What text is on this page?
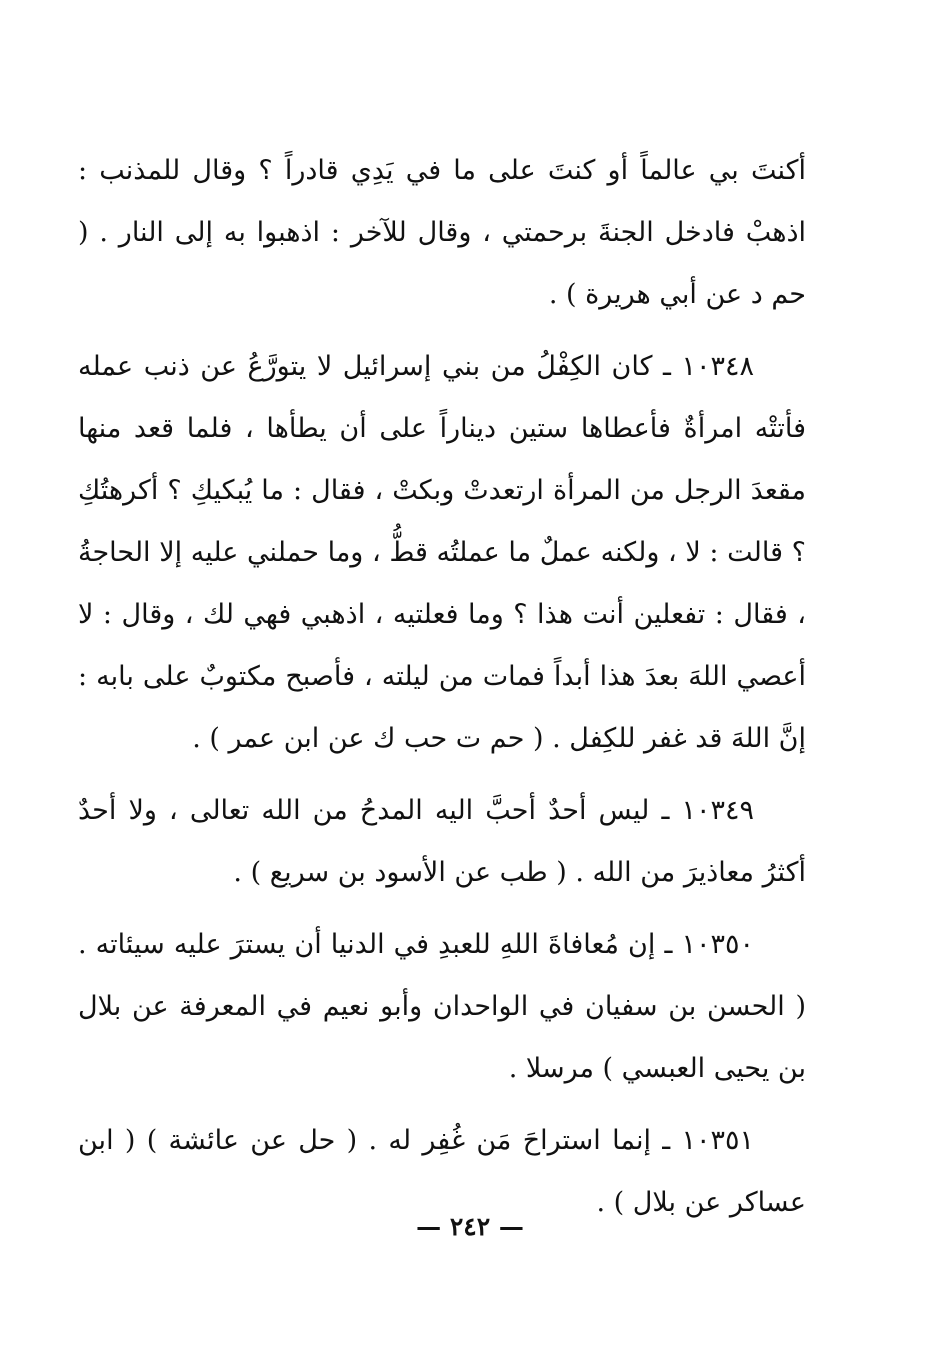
أكنتَ بي عالماً أو كنتَ على ما في يَدِي قادراً ؟ وقال للمذنب : اذهبْ فادخل الجنةَ برحمتي ، وقال للآخر : اذهبوا به إلى النار . ( حم د عن أبي هريرة ) .

١٠٣٤٨ ـ كان الكِفْلُ من بني إسرائيل لا يتورَّعُ عن ذنب عمله فأتتْه امرأةٌ فأعطاها ستين ديناراً على أن يطأها ، فلما قعد منها مقعدَ الرجل من المرأة ارتعدتْ وبكتْ ، فقال : ما يُبكيكِ ؟ أكرهتُكِ ؟ قالت : لا ، ولكنه عملٌ ما عملتُه قطُّ ، وما حملني عليه إلا الحاجةُ ، فقال : تفعلين أنت هذا ؟ وما فعلتيه ، اذهبي فهي لك ، وقال : لا أعصي اللهَ بعدَ هذا أبداً فمات من ليلته ، فأصبح مكتوبٌ على بابه : إنَّ اللهَ قد غفر للكِفل . ( حم ت حب ك عن ابن عمر ) .

١٠٣٤٩ ـ ليس أحدٌ أحبَّ اليه المدحُ من الله تعالى ، ولا أحدٌ أكثرُ معاذيرَ من الله . ( طب عن الأسود بن سريع ) .

١٠٣٥٠ ـ إن مُعافاةَ اللهِ للعبدِ في الدنيا أن يسترَ عليه سيئاته . ( الحسن بن سفيان في الواحدان وأبو نعيم في المعرفة عن بلال بن يحيى العبسي ) مرسلا .

١٠٣٥١ ـ إنما استراحَ مَن غُفِر له . ( حل عن عائشة ) ( ابن عساكر عن بلال ) .

— ٢٤٢ —
